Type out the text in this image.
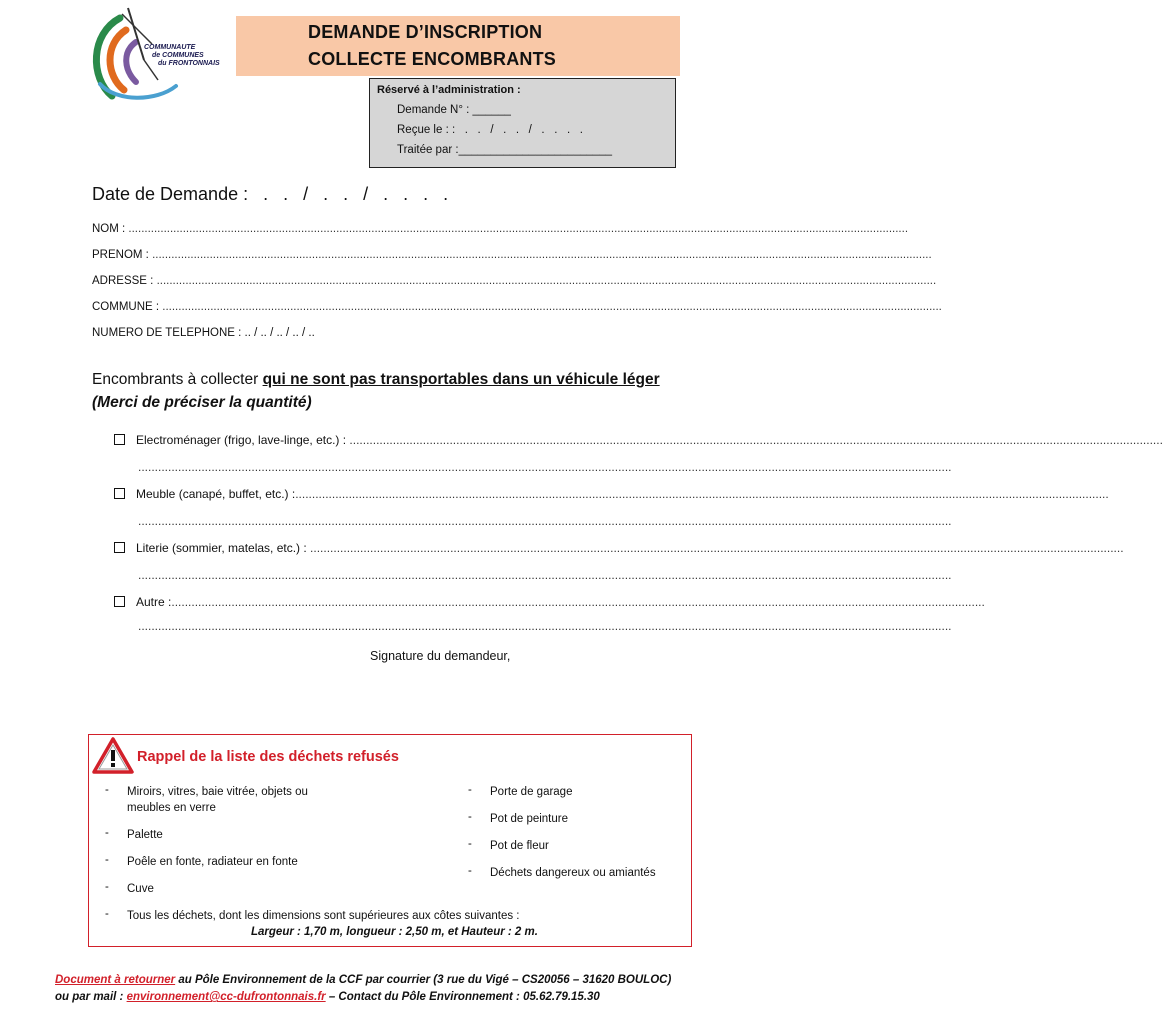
COMMUNAUTE
de COMMUNES
du FRONTONNAIS
DEMANDE D’INSCRIPTION
COLLECTE ENCOMBRANTS
Réservé à l’administration :
Demande N° : ______
Reçue le : :   .   .   /   .   .   /   .   .   .   .
Traitée par :________________________
Date de Demande :   .   .   /   .   .   /   .   .   .   .
NOM : ....................................................................................................................................................................................................................................................
PRENOM : ....................................................................................................................................................................................................................................................
ADRESSE : ....................................................................................................................................................................................................................................................
COMMUNE : ....................................................................................................................................................................................................................................................
NUMERO DE TELEPHONE : .. / .. / .. / .. / ..
Encombrants à collecter qui ne sont pas transportables dans un véhicule léger
(Merci de préciser la quantité)
Electroménager (frigo, lave-linge, etc.) : ....................................................................................................................................................................................................................................................
....................................................................................................................................................................................................................................................
Meuble (canapé, buffet, etc.) :....................................................................................................................................................................................................................................................
....................................................................................................................................................................................................................................................
Literie (sommier, matelas, etc.) : ....................................................................................................................................................................................................................................................
....................................................................................................................................................................................................................................................
Autre :....................................................................................................................................................................................................................................................
....................................................................................................................................................................................................................................................
Signature du demandeur,
Rappel de la liste des déchets refusés
- Miroirs, vitres, baie vitrée, objets ou
meubles en verre
- Palette
- Poêle en fonte, radiateur en fonte
- Cuve
- Porte de garage
- Pot de peinture
- Pot de fleur
- Déchets dangereux ou amiantés
- Tous les déchets, dont les dimensions sont supérieures aux côtes suivantes :
Largeur : 1,70 m, longueur : 2,50 m, et Hauteur : 2 m.
Document à retourner au Pôle Environnement de la CCF par courrier (3 rue du Vigé – CS20056 – 31620 BOULOC)
ou par mail : environnement@cc-dufrontonnais.fr – Contact du Pôle Environnement : 05.62.79.15.30
